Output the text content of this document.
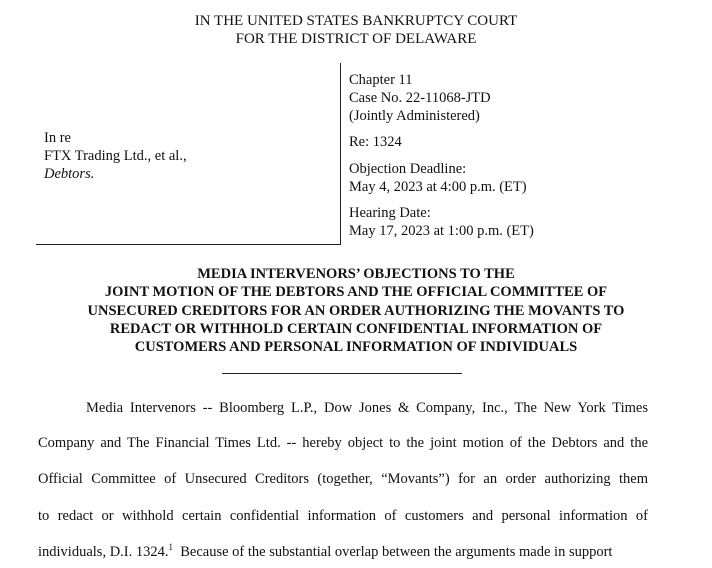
IN THE UNITED STATES BANKRUPTCY COURT
FOR THE DISTRICT OF DELAWARE
In re
FTX Trading Ltd., et al.,
Debtors.
Chapter 11
Case No. 22-11068-JTD
(Jointly Administered)
Re: 1324
Objection Deadline:
May 4, 2023 at 4:00 p.m. (ET)
Hearing Date:
May 17, 2023 at 1:00 p.m. (ET)
MEDIA INTERVENORS’ OBJECTIONS TO THE
JOINT MOTION OF THE DEBTORS AND THE OFFICIAL COMMITTEE OF
UNSECURED CREDITORS FOR AN ORDER AUTHORIZING THE MOVANTS TO
REDACT OR WITHHOLD CERTAIN CONFIDENTIAL INFORMATION OF
CUSTOMERS AND PERSONAL INFORMATION OF INDIVIDUALS
Media Intervenors -- Bloomberg L.P., Dow Jones & Company, Inc., The New York Times
Company and The Financial Times Ltd. -- hereby object to the joint motion of the Debtors and the
Official Committee of Unsecured Creditors (together, “Movants”) for an order authorizing them
to redact or withhold certain confidential information of customers and personal information of
individuals, D.I. 1324.$^1$  Because of the substantial overlap between the arguments made in support
